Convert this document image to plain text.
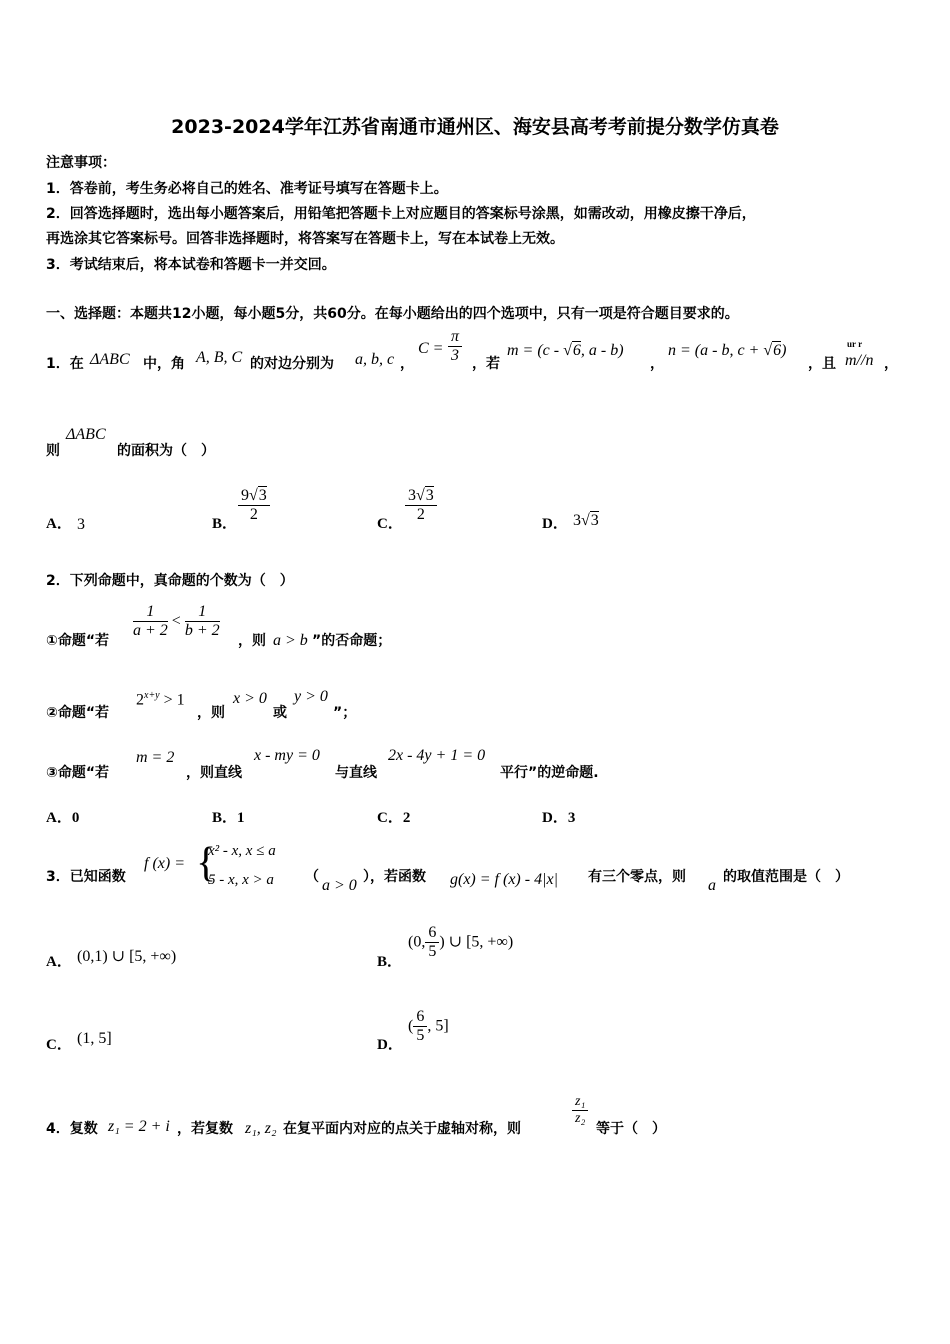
2023-2024学年江苏省南通市通州区、海安县高考考前提分数学仿真卷
注意事项：
1．答卷前，考生务必将自己的姓名、准考证号填写在答题卡上。
2．回答选择题时，选出每小题答案后，用铅笔把答题卡上对应题目的答案标号涂黑，如需改动，用橡皮擦干净后，
再选涂其它答案标号。回答非选择题时，将答案写在答题卡上，写在本试卷上无效。
3．考试结束后，将本试卷和答题卡一并交回。
一、选择题：本题共12小题，每小题5分，共60分。在每小题给出的四个选项中，只有一项是符合题目要求的。
1．在 ΔABC 中，角 A, B, C 的对边分别为 a, b, c ，
$C = \frac{\pi}{3}$ ，若
m = (c - √6, a - b)
，
n = (a - b, c + √6)
，且
ur r
m//n ，
则
ΔABC
的面积为（　）
A． 3	B． $\frac{9√3}{2}$	C． $\frac{3√3}{2}$	D． 3√3
2．下列命题中，真命题的个数为（　）
①命题“若
$\frac{1}{a + 2} < \frac{1}{b + 2}$
，则 a > b ”的否命题；
②命题“若
$2^{x+y} > 1$
，则
x > 0
或
y > 0
”；
③命题“若
m = 2
，则直线
x - my = 0
与直线
2x - 4y + 1 = 0
平行”的逆命题.
A．0	B．1	C．2	D．3
3．已知函数
f (x) = {
x² - x, x ≤ a
5 - x, x > a （ a > 0 ），若函数 g(x) = f (x) - 4|x| 有三个零点，则 a 的取值范围是（　）
A． (0,1) ∪ [5, +∞)	B．
(0, $\frac{6}{5}$ ) ∪ [5, +∞)
C． (1, 5]	D．
( $\frac{6}{5}$ , 5]
4．复数 z₁ = 2 + i ，若复数 z₁, z₂ 在复平面内对应的点关于虚轴对称，则
$\frac{\text{z₁}}{\text{z₂}}$
等于（　）
